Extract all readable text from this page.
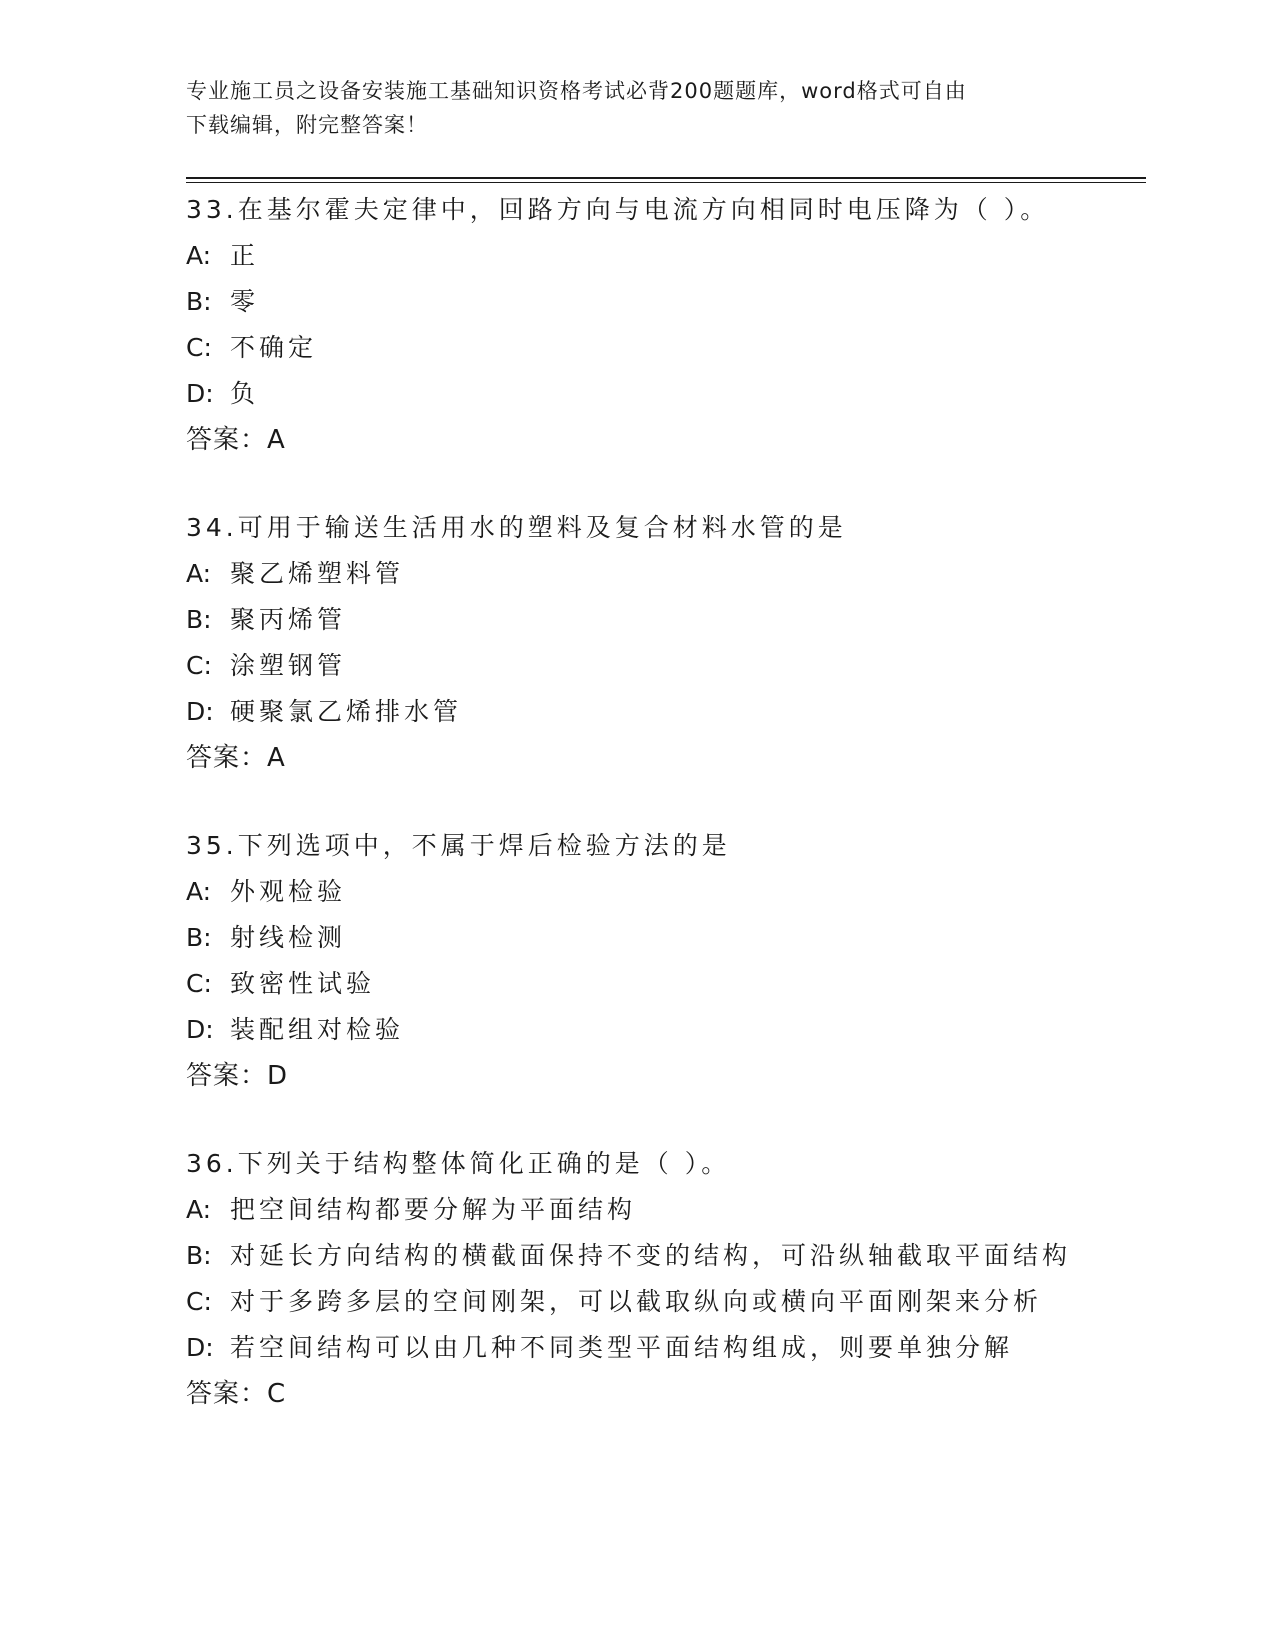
专业施工员之设备安装施工基础知识资格考试必背200题题库，word格式可自由
下载编辑，附完整答案！
33.在基尔霍夫定律中，回路方向与电流方向相同时电压降为（ ）。
A: 正
B: 零
C: 不确定
D: 负
答案：A
34.可用于输送生活用水的塑料及复合材料水管的是
A: 聚乙烯塑料管
B: 聚丙烯管
C: 涂塑钢管
D: 硬聚氯乙烯排水管
答案：A
35.下列选项中，不属于焊后检验方法的是
A: 外观检验
B: 射线检测
C: 致密性试验
D: 装配组对检验
答案：D
36.下列关于结构整体简化正确的是（ ）。
A: 把空间结构都要分解为平面结构
B: 对延长方向结构的横截面保持不变的结构，可沿纵轴截取平面结构
C: 对于多跨多层的空间刚架，可以截取纵向或横向平面刚架来分析
D: 若空间结构可以由几种不同类型平面结构组成，则要单独分解
答案：C
